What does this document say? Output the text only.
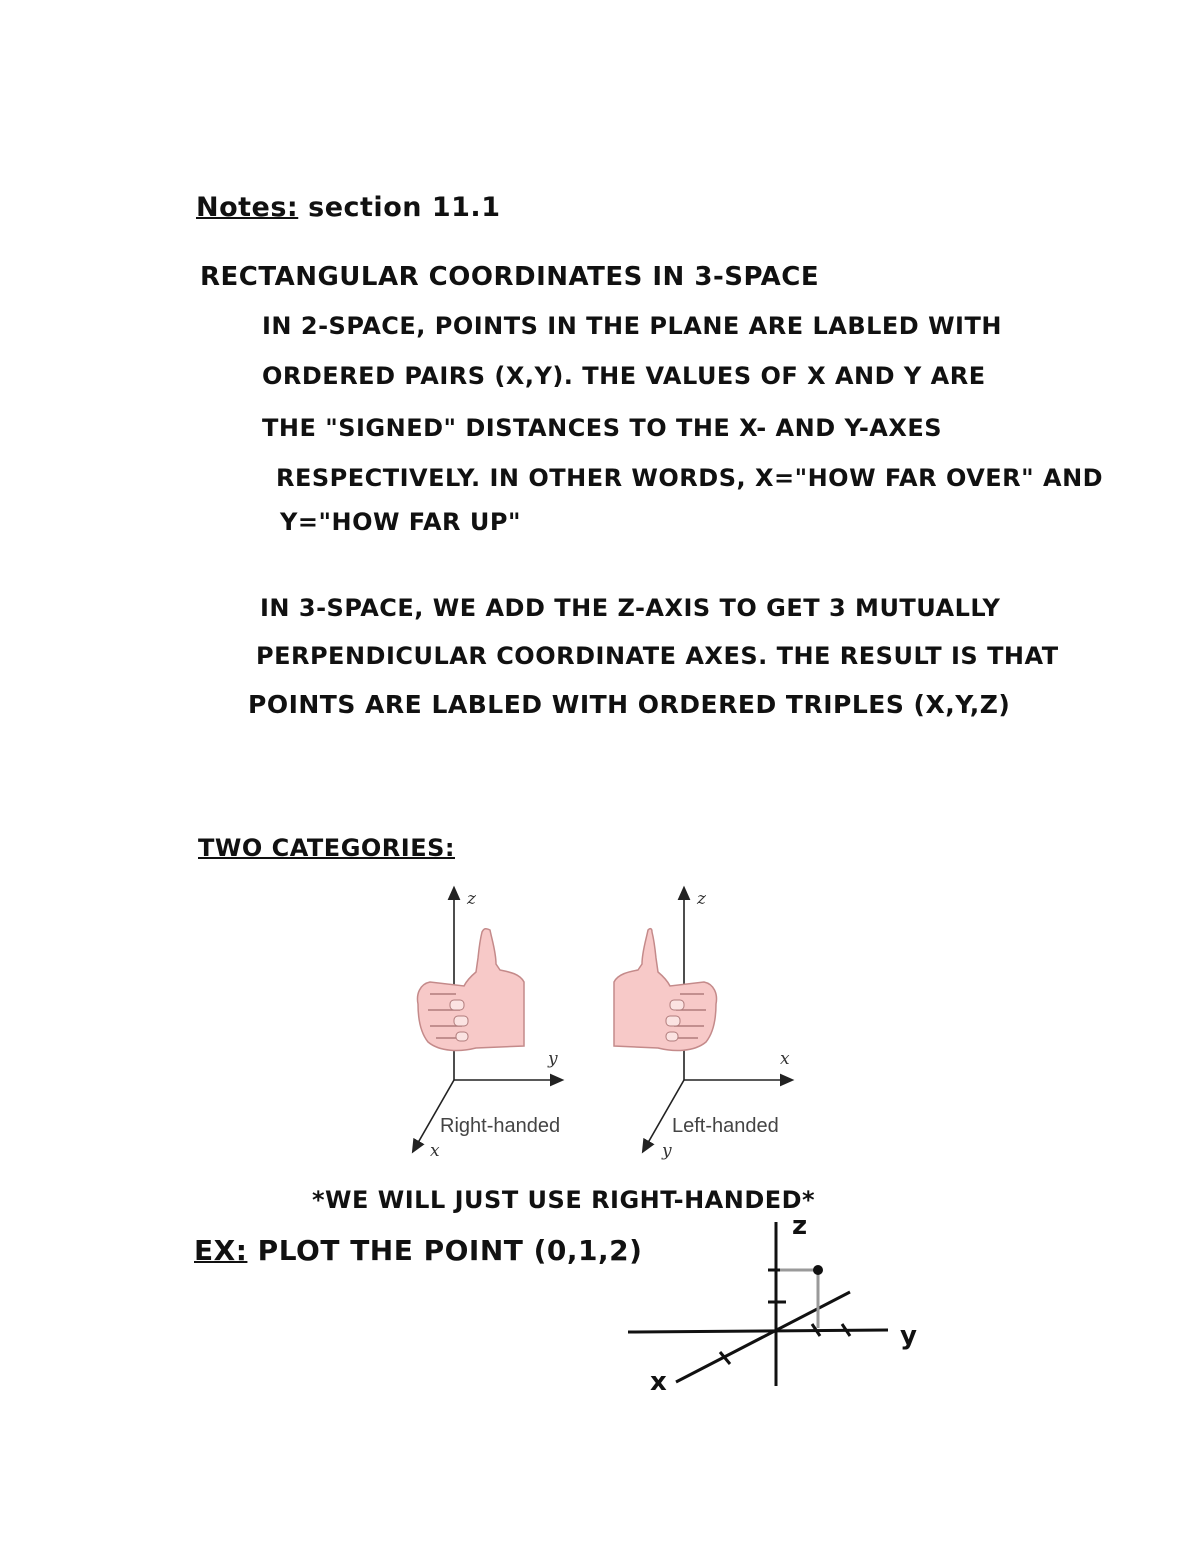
Notes: section 11.1
RECTANGULAR COORDINATES IN 3-SPACE
IN 2-SPACE, POINTS IN THE PLANE ARE LABLED WITH
ORDERED PAIRS (X,Y). THE VALUES OF X AND Y ARE
THE "SIGNED" DISTANCES TO THE X- AND Y-AXES
RESPECTIVELY. IN OTHER WORDS, X="HOW FAR OVER" AND
Y="HOW FAR UP"
IN 3-SPACE, WE ADD THE Z-AXIS TO GET 3 MUTUALLY
PERPENDICULAR COORDINATE AXES. THE RESULT IS THAT
POINTS ARE LABLED WITH ORDERED TRIPLES (X,Y,Z)
TWO CATEGORIES:
z
y
x
Right-handed
z
x
y
Left-handed
*WE WILL JUST USE RIGHT-HANDED*
EX: PLOT THE POINT (0,1,2)
z
y
x
